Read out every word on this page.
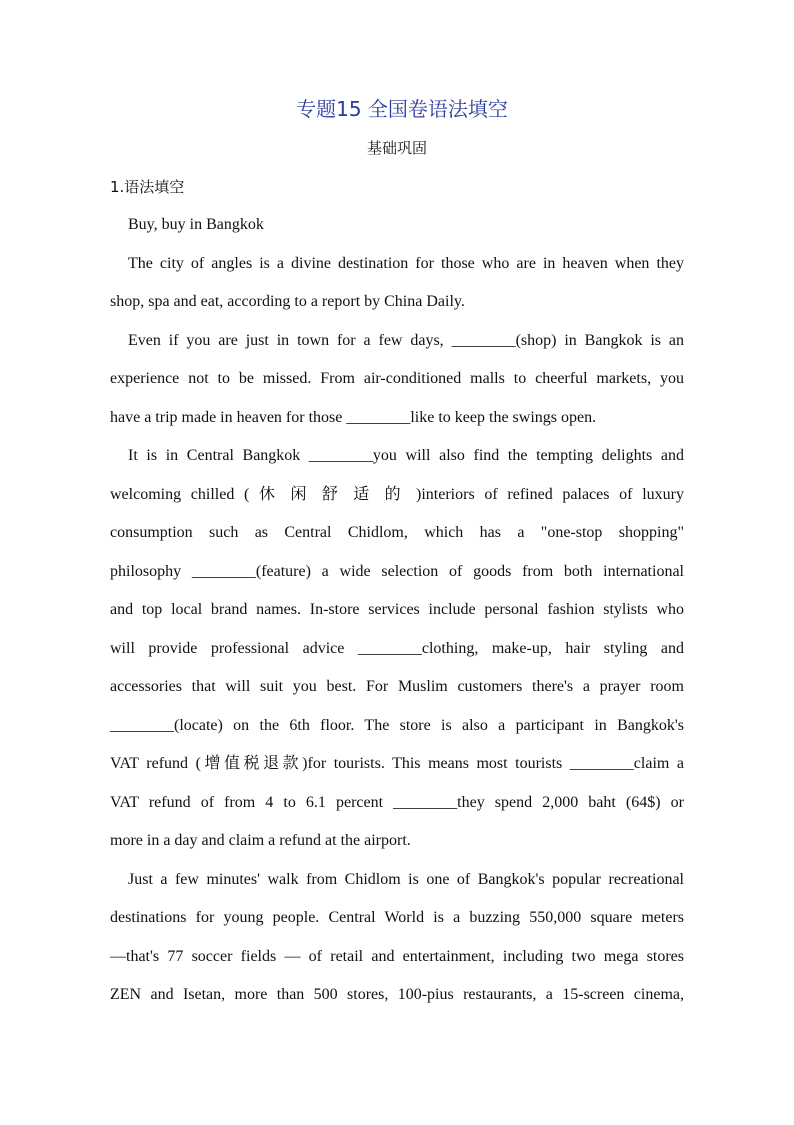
专题15 全国卷语法填空
基础巩固
1.语法填空
Buy, buy in Bangkok
The city of angles is a divine destination for those who are in heaven when they
shop, spa and eat, according to a report by China Daily.
Even if you are just in town for a few days, ________(shop) in Bangkok is an
experience not to be missed. From air-conditioned malls to cheerful markets, you
have a trip made in heaven for those ________like to keep the swings open.
It is in Central Bangkok ________you will also find the tempting delights and
welcoming chilled ( 休 闲 舒 适 的 )interiors of refined palaces of luxury
consumption such as Central Chidlom, which has a "one-stop shopping"
philosophy ________(feature) a wide selection of goods from both international
and top local brand names. In-store services include personal fashion stylists who
will provide professional advice ________clothing, make-up, hair styling and
accessories that will suit you best. For Muslim customers there's a prayer room
________(locate) on the 6th floor. The store is also a participant in Bangkok's
VAT refund (增值税退款)for tourists. This means most tourists ________claim a
VAT refund of from 4 to 6.1 percent ________they spend 2,000 baht (64$) or
more in a day and claim a refund at the airport.
Just a few minutes' walk from Chidlom is one of Bangkok's popular recreational
destinations for young people. Central World is a buzzing 550,000 square meters
—that's 77 soccer fields — of retail and entertainment, including two mega stores
ZEN and Isetan, more than 500 stores, 100-pius restaurants, a 15-screen cinema,
